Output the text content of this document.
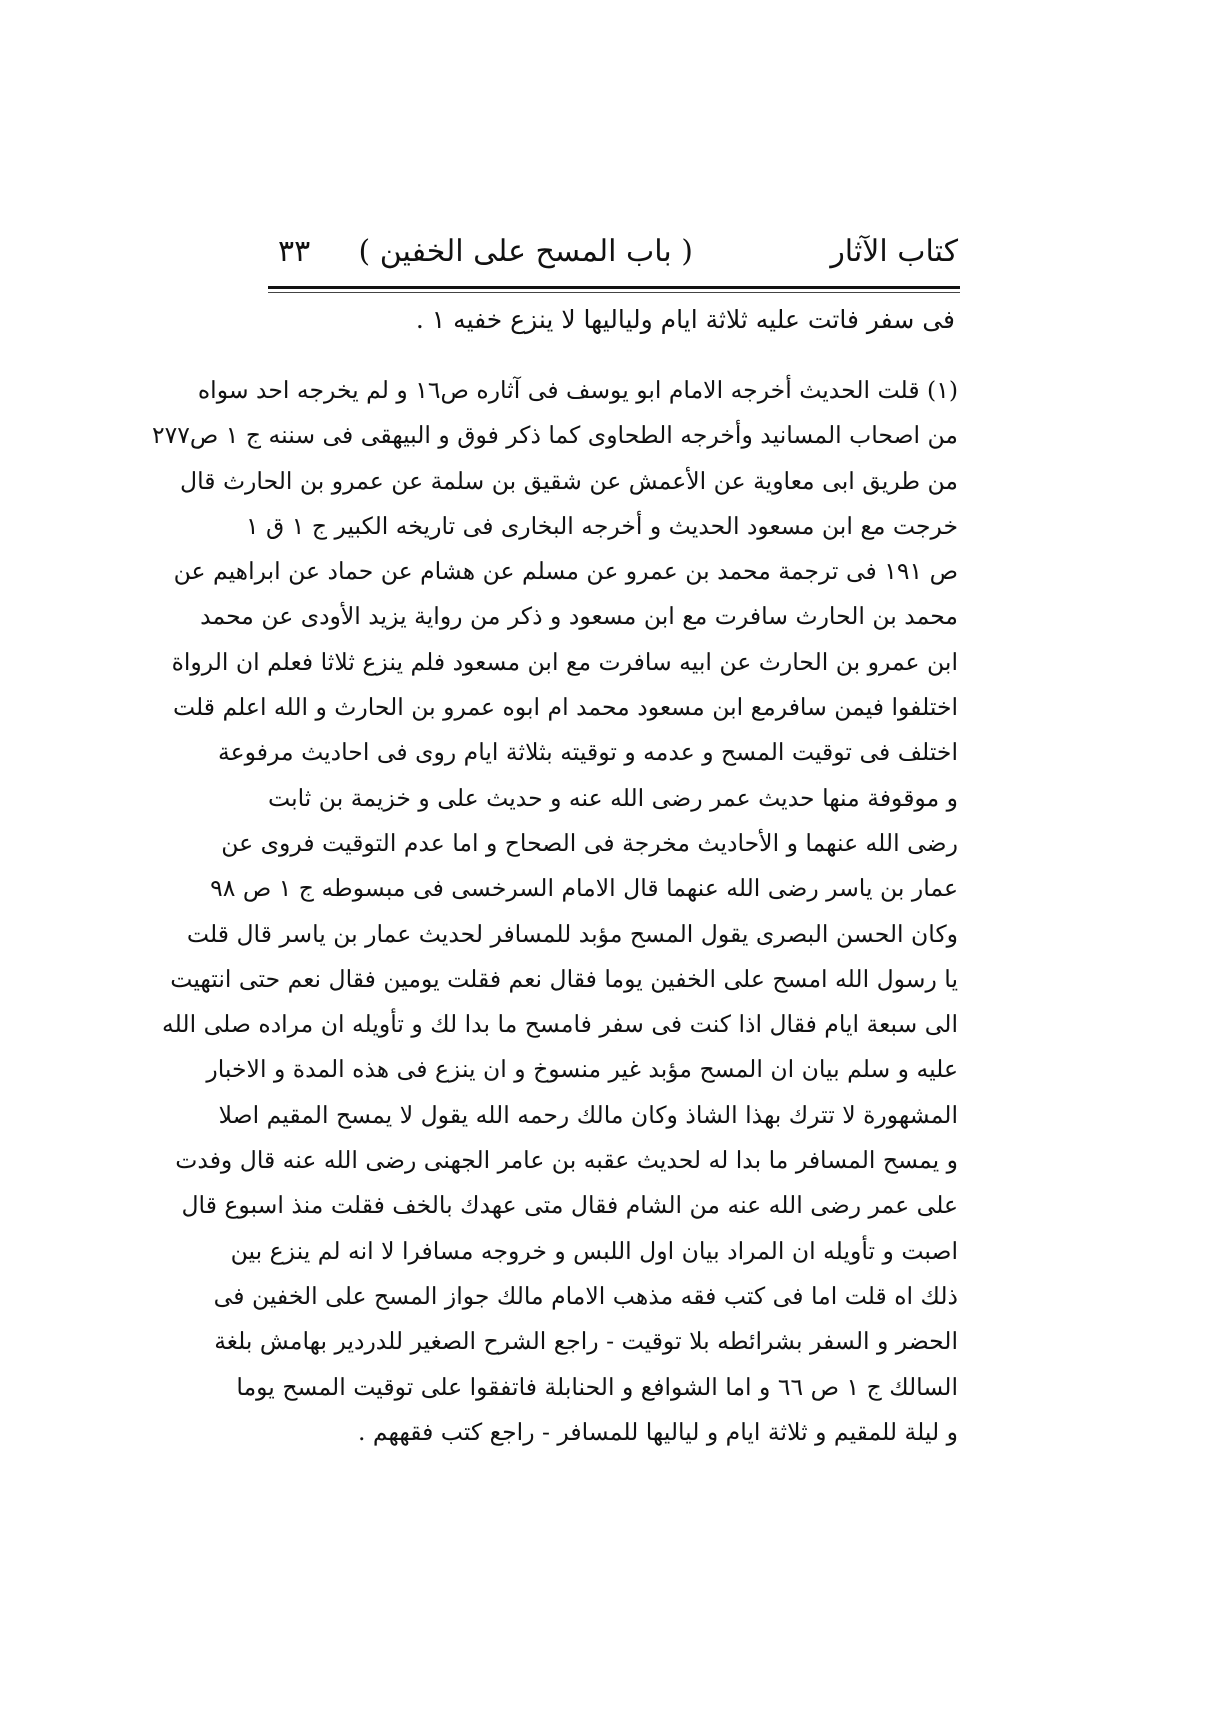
كتاب الآثار
( باب المسح على الخفين )
٣٣
فى سفر فاتت عليه ثلاثة ايام ولياليها لا ينزع خفيه ١ .
(١) قلت الحديث أخرجه الامام ابو يوسف فى آثاره ص١٦ و لم يخرجه احد سواه
من اصحاب المسانيد وأخرجه الطحاوى كما ذكر فوق و البيهقى فى سننه ج ١ ص٢٧٧
من طريق ابى معاوية عن الأعمش عن شقيق بن سلمة عن عمرو بن الحارث قال
خرجت مع ابن مسعود الحديث و أخرجه البخارى فى تاريخه الكبير ج ١ ق ١
ص ١٩١ فى ترجمة محمد بن عمرو عن مسلم عن هشام عن حماد عن ابراهيم عن
محمد بن الحارث سافرت مع ابن مسعود و ذكر من رواية يزيد الأودى عن محمد
ابن عمرو بن الحارث عن ابيه سافرت مع ابن مسعود فلم ينزع ثلاثا فعلم ان الرواة
اختلفوا فيمن سافرمع ابن مسعود محمد ام ابوه عمرو بن الحارث و الله اعلم قلت
اختلف فى توقيت المسح و عدمه و توقيته بثلاثة ايام روى فى احاديث مرفوعة
و موقوفة منها حديث عمر رضى الله عنه و حديث على و خزيمة بن ثابت
رضى الله عنهما و الأحاديث مخرجة فى الصحاح و اما عدم التوقيت فروى عن
عمار بن ياسر رضى الله عنهما قال الامام السرخسى فى مبسوطه ج ١ ص ٩٨
وكان الحسن البصرى يقول المسح مؤبد للمسافر لحديث عمار بن ياسر قال قلت
يا رسول الله امسح على الخفين يوما فقال نعم فقلت يومين فقال نعم حتى انتهيت
الى سبعة ايام فقال اذا كنت فى سفر فامسح ما بدا لك و تأويله ان مراده صلى الله
عليه و سلم بيان ان المسح مؤبد غير منسوخ و ان ينزع فى هذه المدة و الاخبار
المشهورة لا تترك بهذا الشاذ وكان مالك رحمه الله يقول لا يمسح المقيم اصلا
و يمسح المسافر ما بدا له لحديث عقبه بن عامر الجهنى رضى الله عنه قال وفدت
على عمر رضى الله عنه من الشام فقال متى عهدك بالخف فقلت منذ اسبوع قال
اصبت و تأويله ان المراد بيان اول اللبس و خروجه مسافرا لا انه لم ينزع بين
ذلك اه قلت اما فى كتب فقه مذهب الامام مالك جواز المسح على الخفين فى
الحضر و السفر بشرائطه بلا توقيت - راجع الشرح الصغير للدردير بهامش بلغة
السالك ج ١ ص ٦٦ و اما الشوافع و الحنابلة فاتفقوا على توقيت المسح يوما
و ليلة للمقيم و ثلاثة ايام و لياليها للمسافر - راجع كتب فقههم .
